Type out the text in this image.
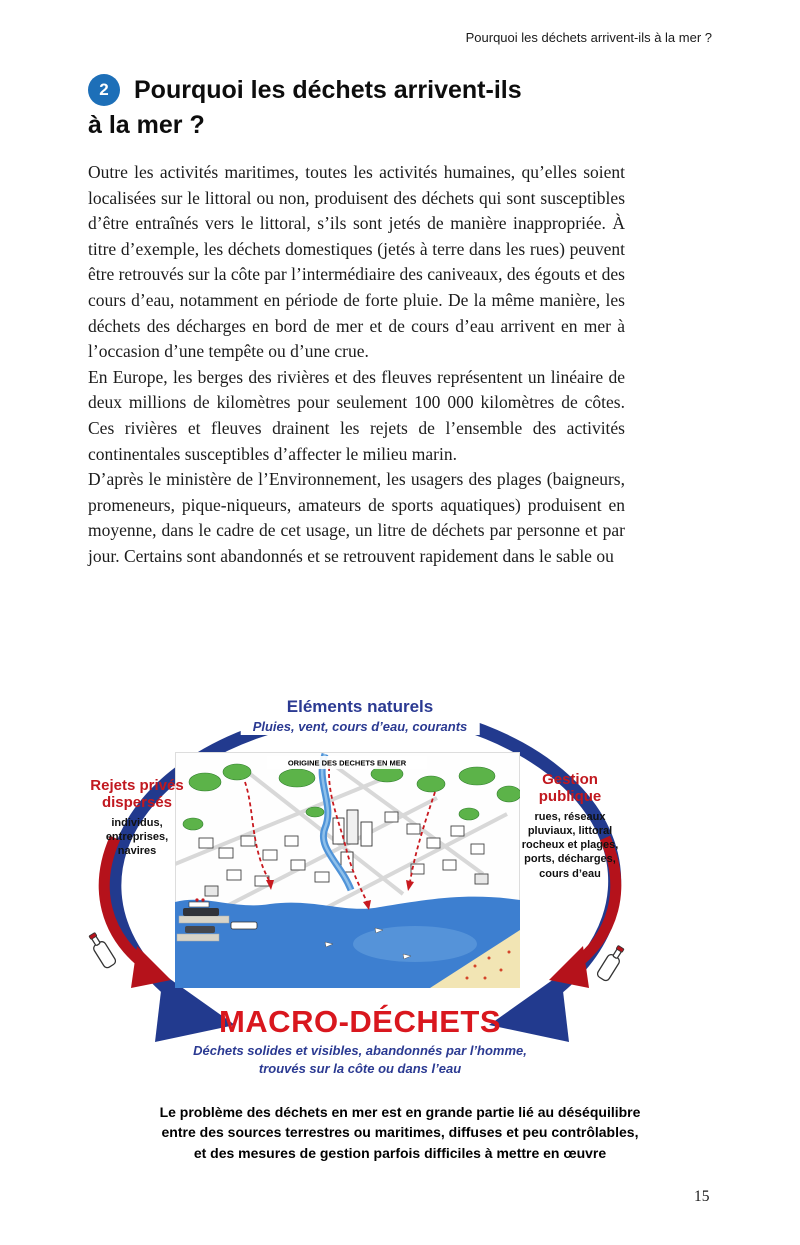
Pourquoi les déchets arrivent-ils à la mer ?
2	Pourquoi les déchets arrivent-ils
à la mer ?

Outre les activités maritimes, toutes les activités humaines, qu’elles soient localisées sur le littoral ou non, produisent des déchets qui sont susceptibles d’être entraînés vers le littoral, s’ils sont jetés de manière inappropriée. À titre d’exemple, les déchets domestiques (jetés à terre dans les rues) peuvent être retrouvés sur la côte par l’intermédiaire des caniveaux, des égouts et des cours d’eau, notamment en période de forte pluie. De la même manière, les déchets des décharges en bord de mer et de cours d’eau arrivent en mer à l’occasion d’une tempête ou d’une crue.

En Europe, les berges des rivières et des fleuves représentent un linéaire de deux millions de kilomètres pour seulement 100 000 kilomètres de côtes. Ces rivières et fleuves drainent les rejets de l’ensemble des activités continentales susceptibles d’affecter le milieu marin.

D’après le ministère de l’Environnement, les usagers des plages (baigneurs, promeneurs, pique-niqueurs, amateurs de sports aquatiques) produisent en moyenne, dans le cadre de cet usage, un litre de déchets par personne et par jour. Certains sont abandonnés et se retrouvent rapidement dans le sable ou

ORIGINE DES DECHETS EN MER
Eléments naturels
Pluies, vent, cours d’eau, courants
Rejets privés dispersés
individus, entreprises, navires
Gestion publique
rues, réseaux pluviaux, littoral rocheux et plages, ports, décharges, cours d’eau
MACRO-DÉCHETS
Déchets solides et visibles, abandonnés par l’homme,
trouvés sur la côte ou dans l’eau
Le problème des déchets en mer est en grande partie lié au déséquilibre
entre des sources terrestres ou maritimes, diffuses et peu contrôlables,
et des mesures de gestion parfois difficiles à mettre en œuvre
15
